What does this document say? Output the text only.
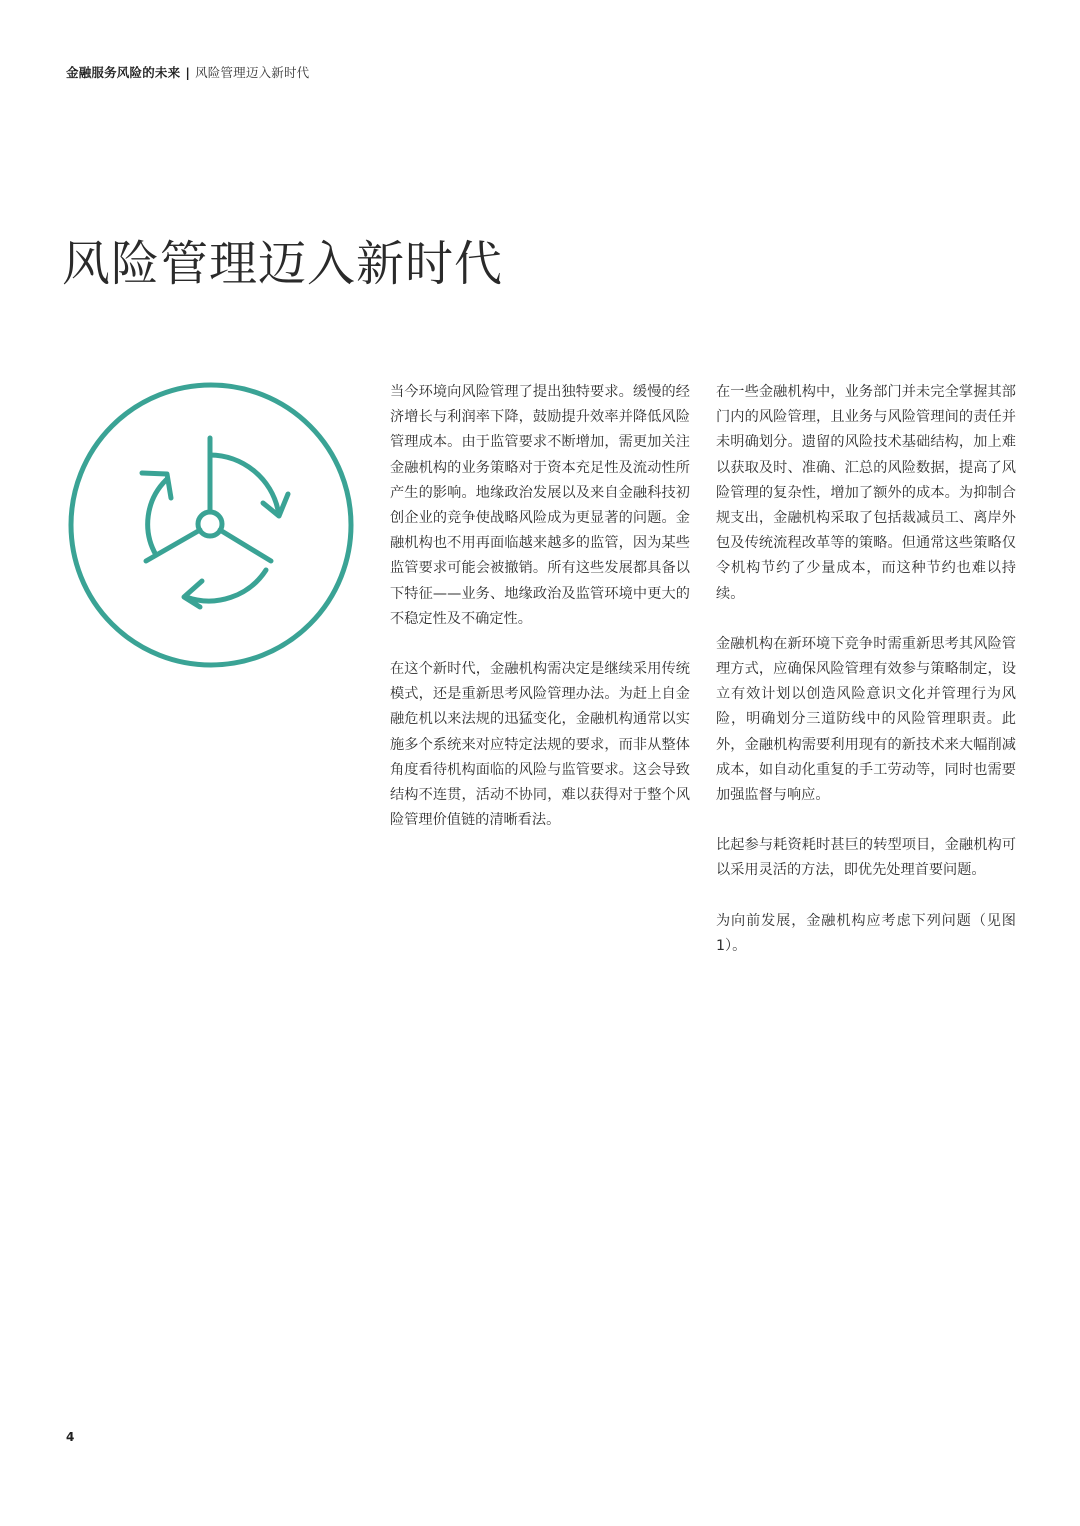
金融服务风险的未来 | 风险管理迈入新时代
风险管理迈入新时代

当今环境向风险管理了提出独特要求。缓慢的经济增长与利润率下降，鼓励提升效率并降低风险管理成本。由于监管要求不断增加，需更加关注金融机构的业务策略对于资本充足性及流动性所产生的影响。地缘政治发展以及来自金融科技初创企业的竞争使战略风险成为更显著的问题。金融机构也不用再面临越来越多的监管，因为某些监管要求可能会被撤销。所有这些发展都具备以下特征——业务、地缘政治及监管环境中更大的不稳定性及不确定性。

在这个新时代，金融机构需决定是继续采用传统模式，还是重新思考风险管理办法。为赶上自金融危机以来法规的迅猛变化，金融机构通常以实施多个系统来对应特定法规的要求，而非从整体角度看待机构面临的风险与监管要求。这会导致结构不连贯，活动不协同，难以获得对于整个风险管理价值链的清晰看法。

在一些金融机构中，业务部门并未完全掌握其部门内的风险管理，且业务与风险管理间的责任并未明确划分。遗留的风险技术基础结构，加上难以获取及时、准确、汇总的风险数据，提高了风险管理的复杂性，增加了额外的成本。为抑制合规支出，金融机构采取了包括裁减员工、离岸外包及传统流程改革等的策略。但通常这些策略仅令机构节约了少量成本，而这种节约也难以持续。

金融机构在新环境下竞争时需重新思考其风险管理方式，应确保风险管理有效参与策略制定，设立有效计划以创造风险意识文化并管理行为风险，明确划分三道防线中的风险管理职责。此外，金融机构需要利用现有的新技术来大幅削减成本，如自动化重复的手工劳动等，同时也需要加强监督与响应。

比起参与耗资耗时甚巨的转型项目，金融机构可以采用灵活的方法，即优先处理首要问题。

为向前发展，金融机构应考虑下列问题（见图1）。

4
